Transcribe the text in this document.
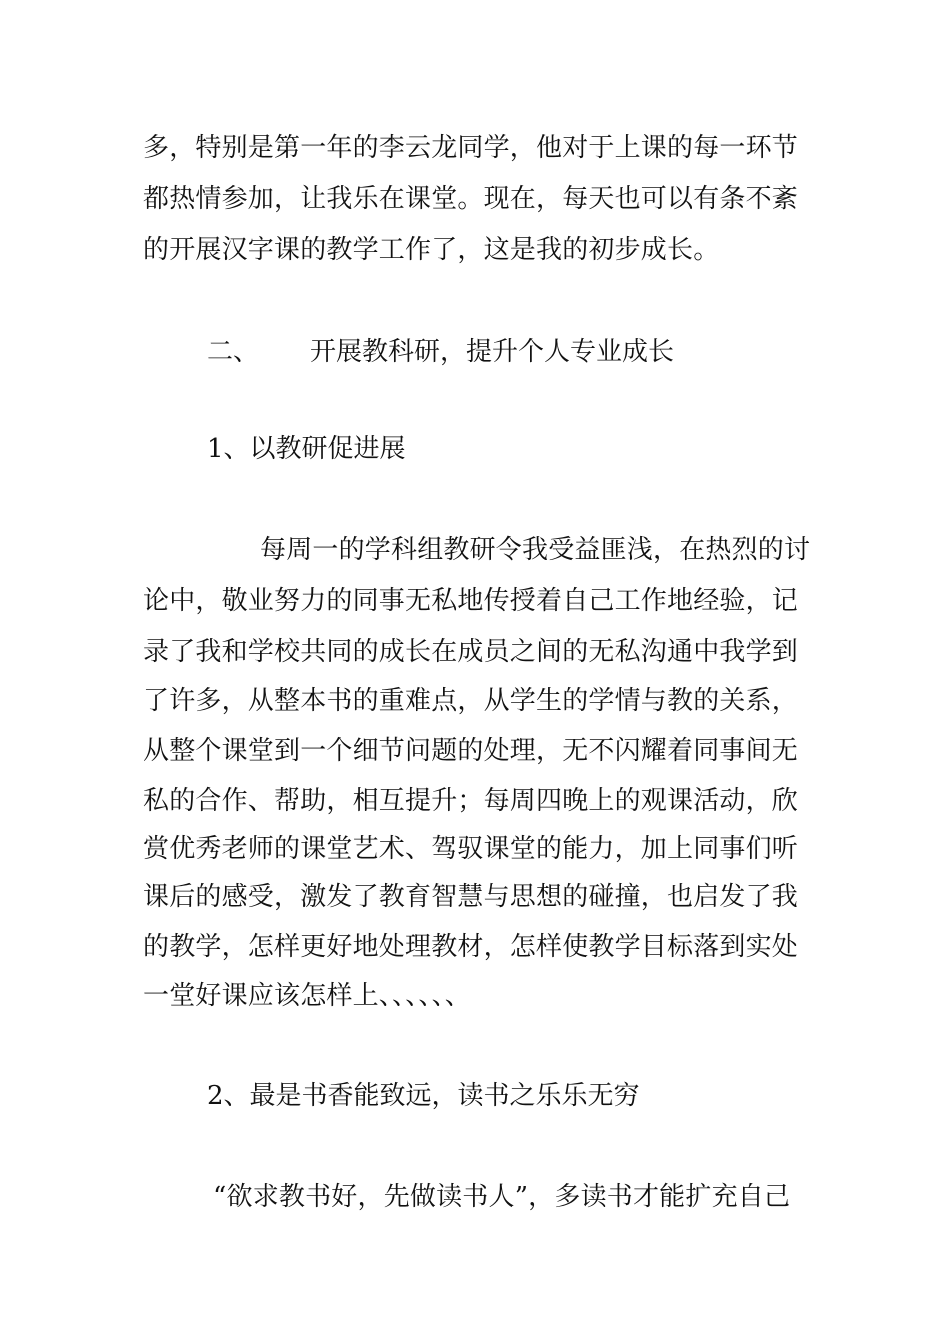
多，特别是第一年的李云龙同学，他对于上课的每一环节
都热情参加，让我乐在课堂。现在，每天也可以有条不紊
的开展汉字课的教学工作了，这是我的初步成长。
二、 开展教科研，提升个人专业成长
1、以教研促进展
每周一的学科组教研令我受益匪浅，在热烈的讨
论中，敬业努力的同事无私地传授着自己工作地经验，记
录了我和学校共同的成长在成员之间的无私沟通中我学到
了许多，从整本书的重难点，从学生的学情与教的关系，
从整个课堂到一个细节问题的处理，无不闪耀着同事间无
私的合作、帮助，相互提升；每周四晚上的观课活动，欣
赏优秀老师的课堂艺术、驾驭课堂的能力，加上同事们听
课后的感受，激发了教育智慧与思想的碰撞，也启发了我
的教学，怎样更好地处理教材，怎样使教学目标落到实处
一堂好课应该怎样上、、、、、、
2、最是书香能致远，读书之乐乐无穷
“欲求教书好，先做读书人”，多读书才能扩充自己
